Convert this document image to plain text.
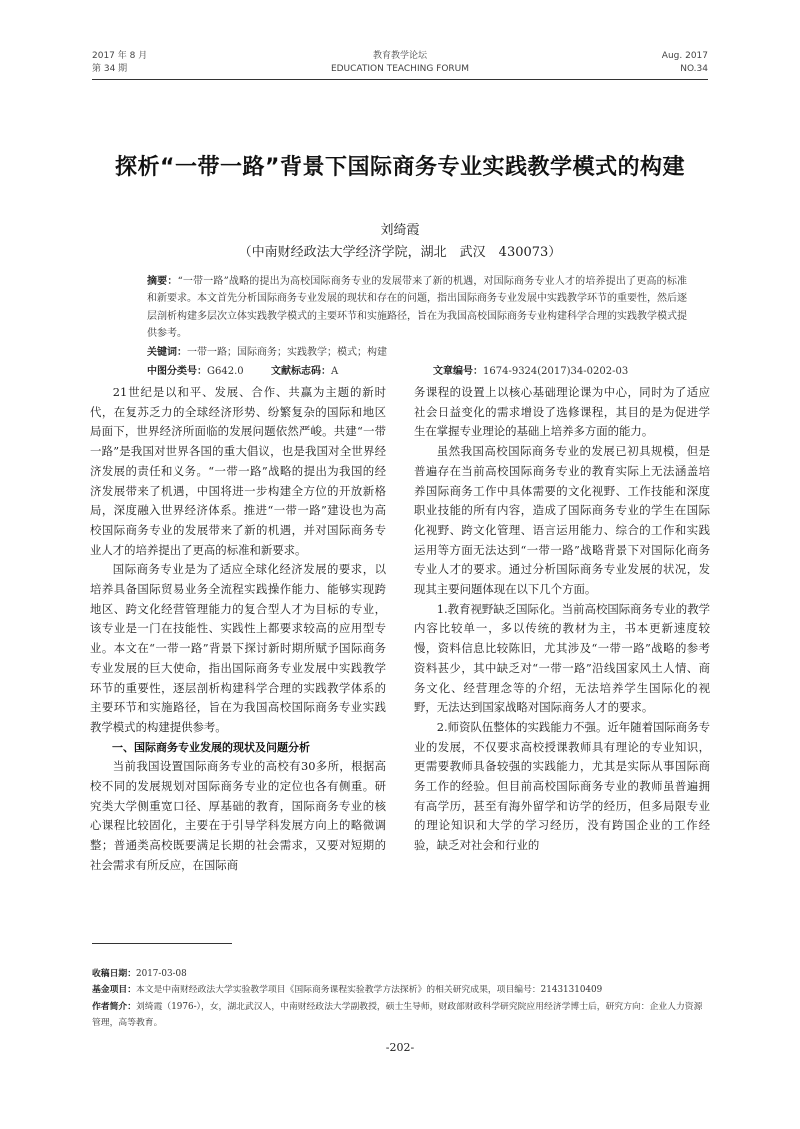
2017 年 8 月
第 34 期
教育教学论坛
EDUCATION TEACHING FORUM
Aug. 2017
NO.34
探析“一带一路”背景下国际商务专业实践教学模式的构建
刘绮霞
（中南财经政法大学经济学院，湖北　武汉　430073）
摘要：“一带一路”战略的提出为高校国际商务专业的发展带来了新的机遇，对国际商务专业人才的培养提出了更高的标准和新要求。本文首先分析国际商务专业发展的现状和存在的问题，指出国际商务专业发展中实践教学环节的重要性，然后逐层剖析构建多层次立体实践教学模式的主要环节和实施路径，旨在为我国高校国际商务专业构建科学合理的实践教学模式提供参考。
关键词：一带一路；国际商务；实践教学；模式；构建
中图分类号：G642.0	文献标志码：A	文章编号：1674-9324(2017)34-0202-03

21世纪是以和平、发展、合作、共赢为主题的新时代，在复苏乏力的全球经济形势、纷繁复杂的国际和地区局面下，世界经济所面临的发展问题依然严峻。共建“一带一路”是我国对世界各国的重大倡议，也是我国对全世界经济发展的责任和义务。“一带一路”战略的提出为我国的经济发展带来了机遇，中国将进一步构建全方位的开放新格局，深度融入世界经济体系。推进“一带一路”建设也为高校国际商务专业的发展带来了新的机遇，并对国际商务专业人才的培养提出了更高的标准和新要求。

国际商务专业是为了适应全球化经济发展的要求，以培养具备国际贸易业务全流程实践操作能力、能够实现跨地区、跨文化经营管理能力的复合型人才为目标的专业，该专业是一门在技能性、实践性上都要求较高的应用型专业。本文在“一带一路”背景下探讨新时期所赋予国际商务专业发展的巨大使命，指出国际商务专业发展中实践教学环节的重要性，逐层剖析构建科学合理的实践教学体系的主要环节和实施路径，旨在为我国高校国际商务专业实践教学模式的构建提供参考。

一、国际商务专业发展的现状及问题分析

当前我国设置国际商务专业的高校有30多所，根据高校不同的发展规划对国际商务专业的定位也各有侧重。研究类大学侧重宽口径、厚基础的教育，国际商务专业的核心课程比较固化，主要在于引导学科发展方向上的略微调整；普通类高校既要满足长期的社会需求，又要对短期的社会需求有所反应，在国际商

务课程的设置上以核心基础理论课为中心，同时为了适应社会日益变化的需求增设了选修课程，其目的是为促进学生在掌握专业理论的基础上培养多方面的能力。

虽然我国高校国际商务专业的发展已初具规模，但是普遍存在当前高校国际商务专业的教育实际上无法涵盖培养国际商务工作中具体需要的文化视野、工作技能和深度职业技能的所有内容，造成了国际商务专业的学生在国际化视野、跨文化管理、语言运用能力、综合的工作和实践运用等方面无法达到“一带一路”战略背景下对国际化商务专业人才的要求。通过分析国际商务专业发展的状况，发现其主要问题体现在以下几个方面。

1.教育视野缺乏国际化。当前高校国际商务专业的教学内容比较单一，多以传统的教材为主，书本更新速度较慢，资料信息比较陈旧，尤其涉及“一带一路”战略的参考资料甚少，其中缺乏对“一带一路”沿线国家风土人情、商务文化、经营理念等的介绍，无法培养学生国际化的视野，无法达到国家战略对国际商务人才的要求。

2.师资队伍整体的实践能力不强。近年随着国际商务专业的发展，不仅要求高校授课教师具有理论的专业知识，更需要教师具备较强的实践能力，尤其是实际从事国际商务工作的经验。但目前高校国际商务专业的教师虽普遍拥有高学历，甚至有海外留学和访学的经历，但多局限专业的理论知识和大学的学习经历，没有跨国企业的工作经验，缺乏对社会和行业的

收稿日期：2017-03-08
基金项目：本文是中南财经政法大学实验教学项目《国际商务课程实验教学方法探析》的相关研究成果，项目编号：21431310409
作者简介：刘绮霞（1976-），女，湖北武汉人，中南财经政法大学副教授，硕士生导师，财政部财政科学研究院应用经济学博士后，研究方向：企业人力资源管理，高等教育。
-202-
